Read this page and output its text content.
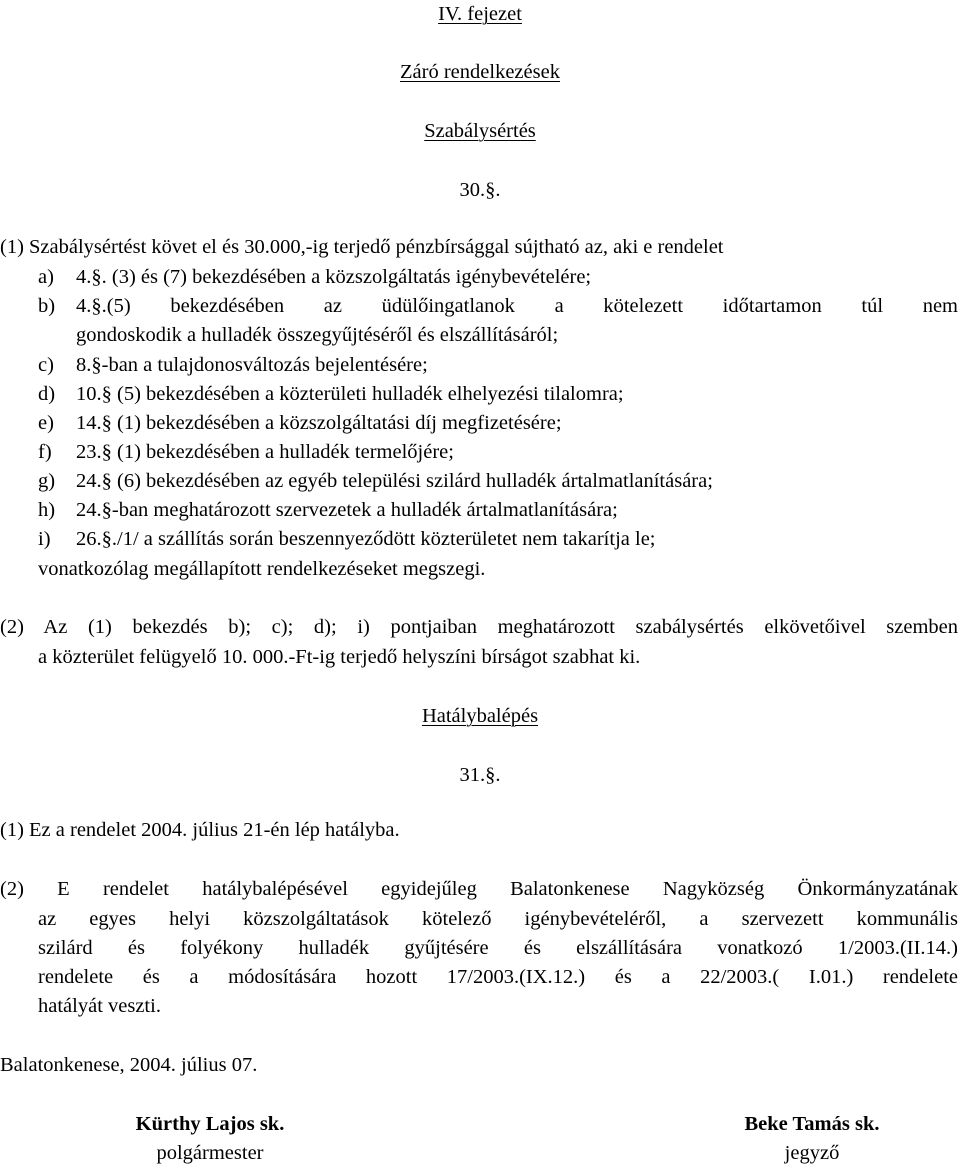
IV. fejezet
Záró rendelkezések
Szabálysértés
30.§.
(1) Szabálysértést követ el és 30.000,-ig terjedő pénzbírsággal sújtható az, aki e rendelet
a) 4.§. (3) és (7) bekezdésében a közszolgáltatás igénybevételére;
b)	4.§.(5) bekezdésében az üdülőingatlanok a kötelezett időtartamon túl nem
gondoskodik a hulladék összegyűjtéséről és elszállításáról;
c) 8.§-ban a tulajdonosváltozás bejelentésére;
d) 10.§ (5) bekezdésében a közterületi hulladék elhelyezési tilalomra;
e) 14.§ (1) bekezdésében a közszolgáltatási díj megfizetésére;
f) 23.§ (1) bekezdésében a hulladék termelőjére;
g) 24.§ (6) bekezdésében az egyéb települési szilárd hulladék ártalmatlanítására;
h) 24.§-ban meghatározott szervezetek a hulladék ártalmatlanítására;
i) 26.§./1/ a szállítás során beszennyeződött közterületet nem takarítja le;
vonatkozólag megállapított rendelkezéseket megszegi.
(2) Az (1) bekezdés b); c); d); i) pontjaiban meghatározott szabálysértés elkövetőivel szemben
a közterület felügyelő 10. 000.-Ft-ig terjedő helyszíni bírságot szabhat ki.
Hatálybalépés
31.§.
(1) Ez a rendelet 2004. július 21-én lép hatályba.
(2) E rendelet hatálybalépésével egyidejűleg Balatonkenese Nagyközség Önkormányzatának
az egyes helyi közszolgáltatások kötelező igénybevételéről, a szervezett kommunális
szilárd és folyékony hulladék gyűjtésére és elszállítására vonatkozó 1/2003.(II.14.)
rendelete és a módosítására hozott 17/2003.(IX.12.) és a 22/2003.( I.01.) rendelete
hatályát veszti.
Balatonkenese, 2004. július 07.
Kürthy Lajos sk.
polgármester
Beke Tamás sk.
jegyző
